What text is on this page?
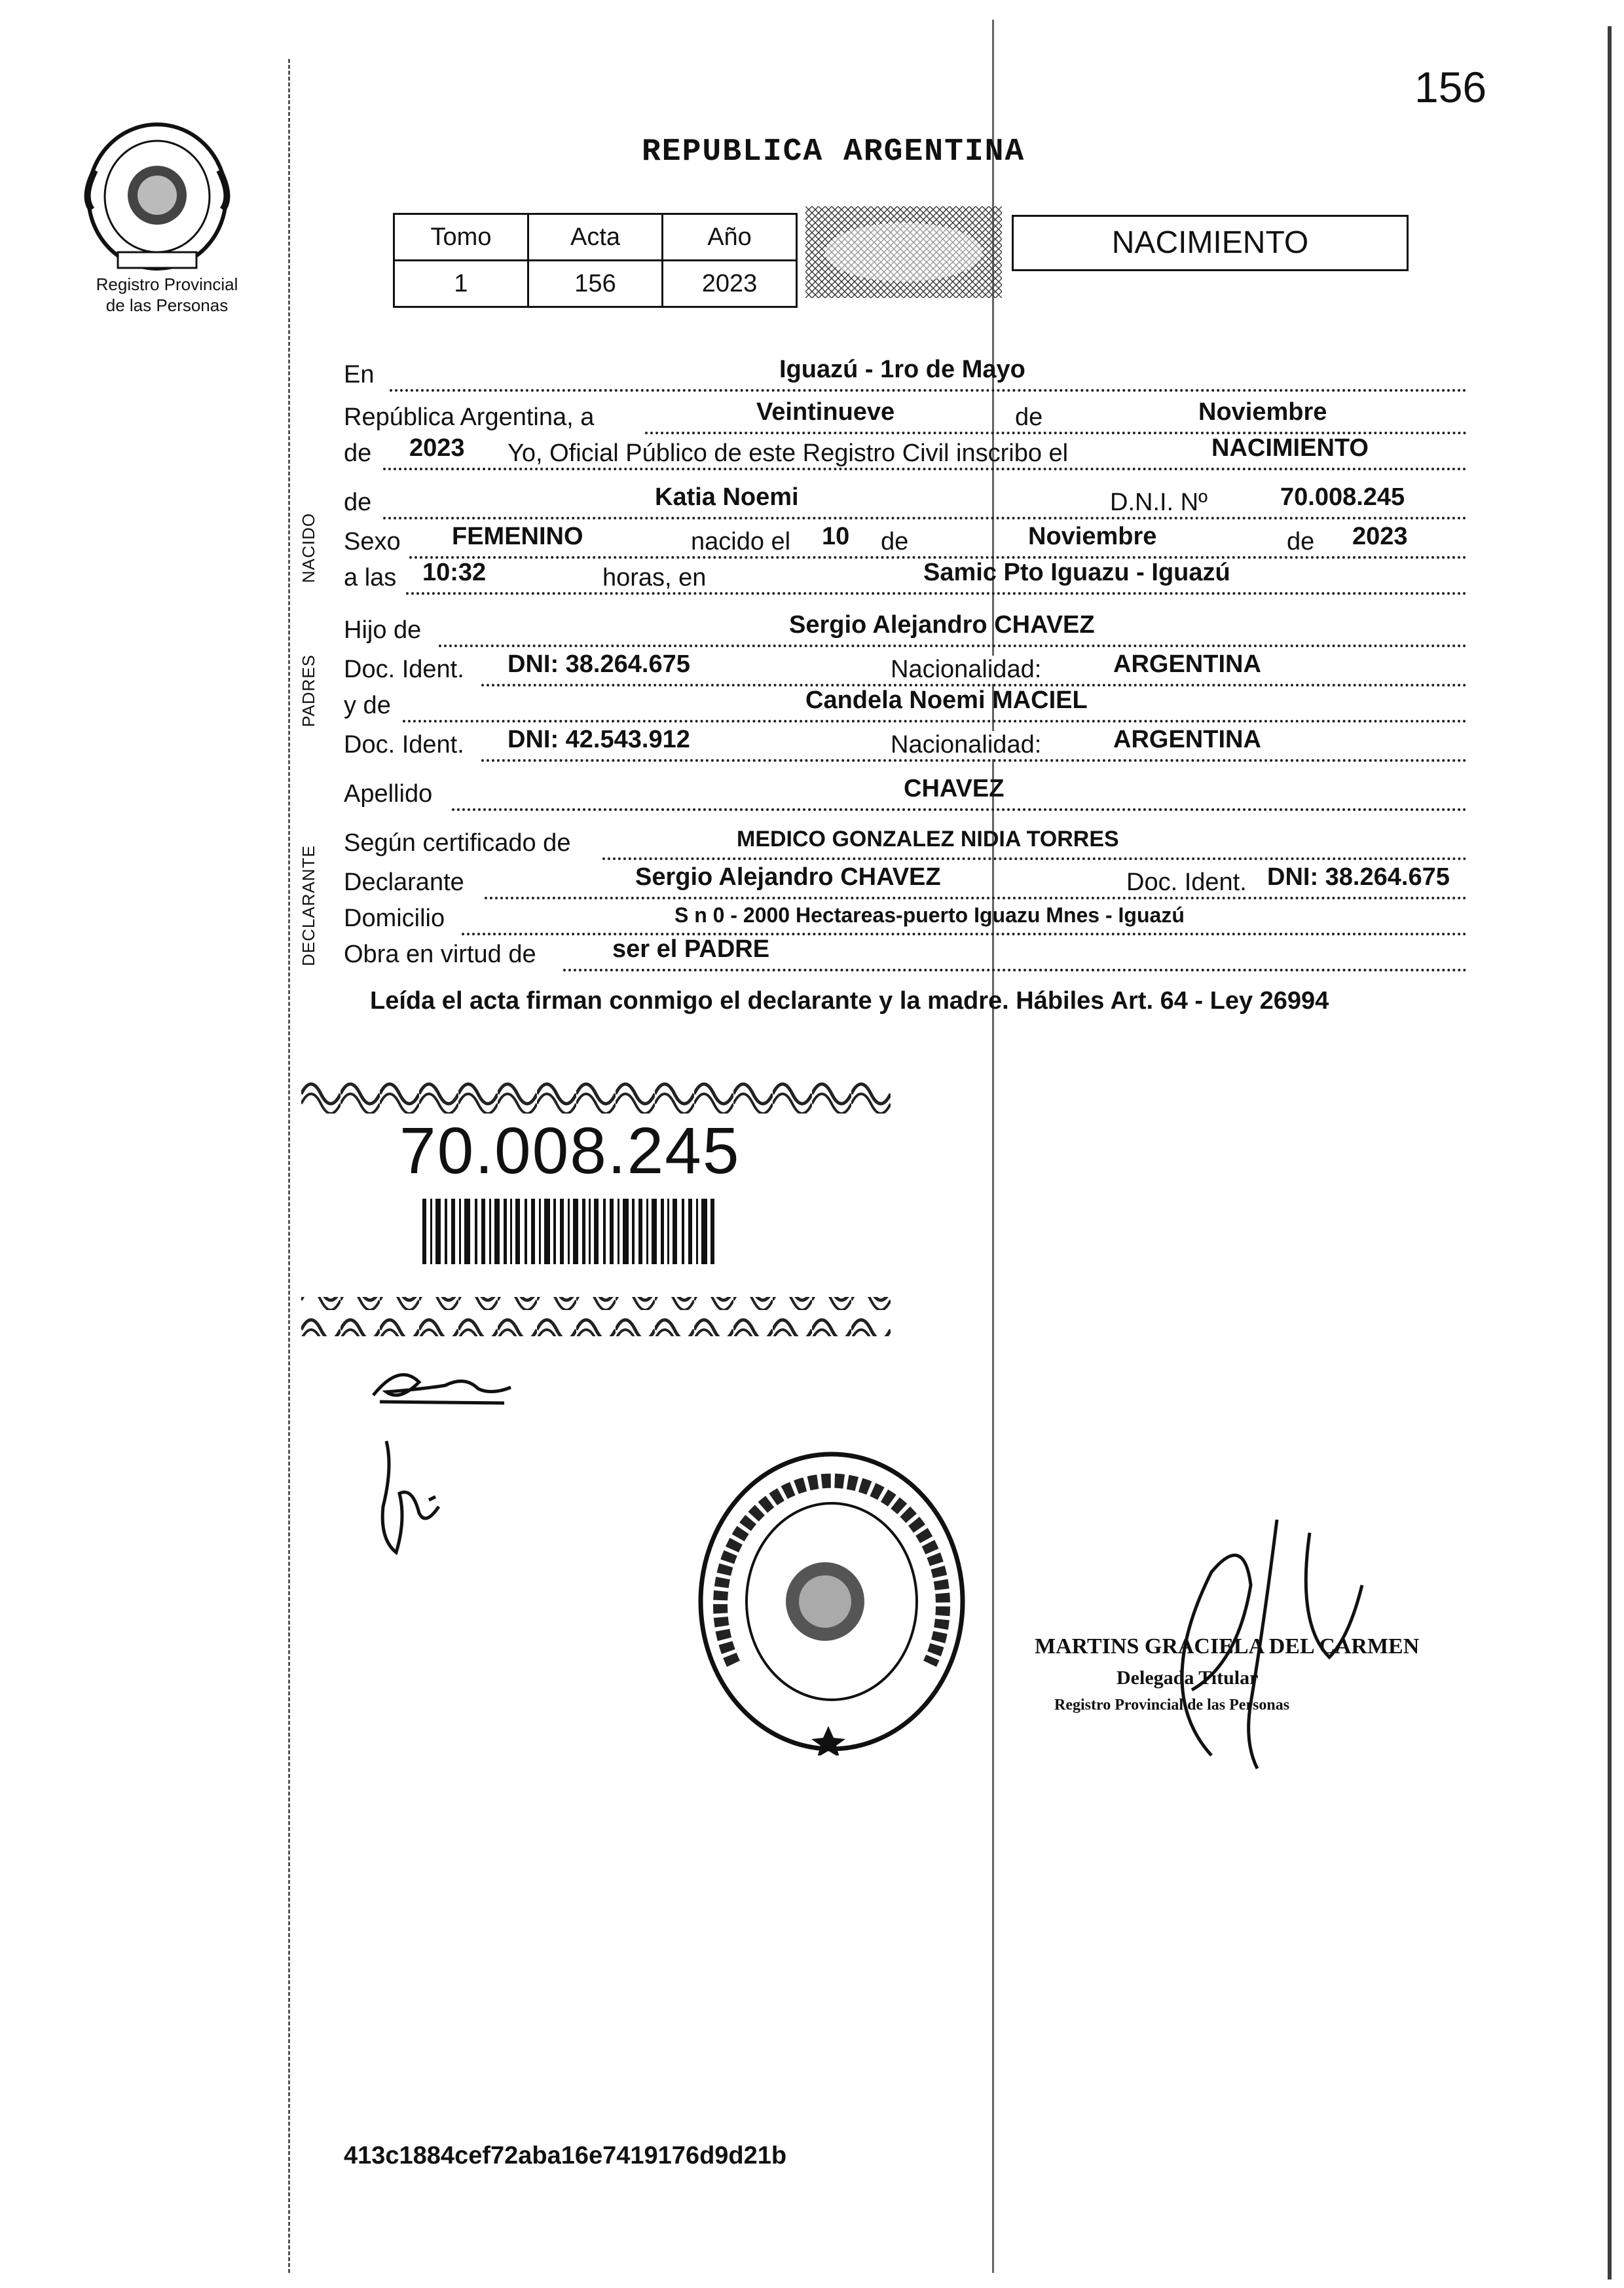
156
Registro Provincial
de las Personas
REPUBLICA ARGENTINA
Tomo	Acta	Año
1	156	2023
NACIMIENTO
NACIDO
PADRES
DECLARANTE
En	Iguazú - 1ro de Mayo
República Argentina, a	Veintinueve	de	Noviembre
de 2023 Yo, Oficial Público de este Registro Civil inscribo el	NACIMIENTO
de	Katia Noemi	D.N.I. Nº	70.008.245
Sexo FEMENINO	nacido el 10 de	Noviembre	de 2023
a las 10:32	horas, en	Samic Pto Iguazu - Iguazú
Hijo de	Sergio Alejandro CHAVEZ
Doc. Ident. DNI: 38.264.675	Nacionalidad:	ARGENTINA
y de	Candela Noemi MACIEL
Doc. Ident. DNI: 42.543.912	Nacionalidad:	ARGENTINA
Apellido	CHAVEZ
Según certificado de	MEDICO GONZALEZ NIDIA TORRES
Declarante	Sergio Alejandro CHAVEZ	Doc. Ident. DNI: 38.264.675
Domicilio	S n 0 - 2000 Hectareas-puerto Iguazu Mnes - Iguazú
Obra en virtud de	ser el PADRE
Leída el acta firman conmigo el declarante y la madre. Hábiles Art. 64 - Ley 26994
70.008.245
MARTINS GRACIELA DEL CARMEN
Delegada Titular
Registro Provincial de las Personas
413c1884cef72aba16e7419176d9d21b
